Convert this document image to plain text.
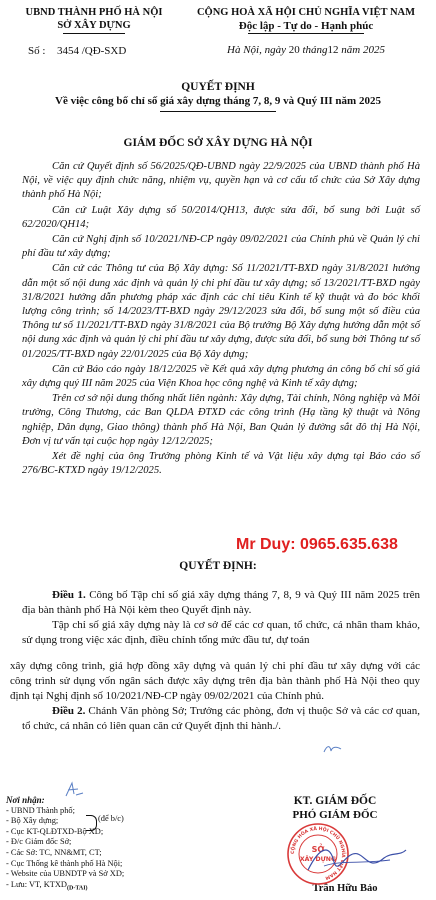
UBND THÀNH PHỐ HÀ NỘI
SỞ XÂY DỰNG
Số : 3454 /QĐ-SXD
CỘNG HOÀ XÃ HỘI CHỦ NGHĨA VIỆT NAM
Độc lập - Tự do - Hạnh phúc
Hà Nội, ngày 20 tháng12 năm 2025
QUYẾT ĐỊNH
Về việc công bố chỉ số giá xây dựng tháng 7, 8, 9 và Quý III năm 2025
GIÁM ĐỐC SỞ XÂY DỰNG HÀ NỘI

Căn cứ Quyết định số 56/2025/QĐ-UBND ngày 22/9/2025 của UBND thành phố Hà Nội, về việc quy định chức năng, nhiệm vụ, quyền hạn và cơ cấu tổ chức của Sở Xây dựng thành phố Hà Nội;

Căn cứ Luật Xây dựng số 50/2014/QH13, được sửa đổi, bổ sung bởi Luật số 62/2020/QH14;

Căn cứ Nghị định số 10/2021/NĐ-CP ngày 09/02/2021 của Chính phủ về Quản lý chi phí đầu tư xây dựng;

Căn cứ các Thông tư của Bộ Xây dựng: Số 11/2021/TT-BXD ngày 31/8/2021 hướng dẫn một số nội dung xác định và quản lý chi phí đầu tư xây dựng; số 13/2021/TT-BXD ngày 31/8/2021 hướng dẫn phương pháp xác định các chỉ tiêu Kinh tế kỹ thuật và đo bóc khối lượng công trình; số 14/2023/TT-BXD ngày 29/12/2023 sửa đổi, bổ sung một số điều của Thông tư số 11/2021/TT-BXD ngày 31/8/2021 của Bộ trưởng Bộ Xây dựng hướng dẫn một số nội dung xác định và quản lý chi phí đầu tư xây dựng, được sửa đổi, bổ sung bởi Thông tư số 01/2025/TT-BXD ngày 22/01/2025 của Bộ Xây dựng;

Căn cứ Báo cáo ngày 18/12/2025 về Kết quả xây dựng phương án công bố chỉ số giá xây dựng quý III năm 2025 của Viện Khoa học công nghệ và Kinh tế xây dựng;

Trên cơ sở nội dung thống nhất liên ngành: Xây dựng, Tài chính, Nông nghiệp và Môi trường, Công Thương, các Ban QLDA ĐTXD các công trình (Hạ tầng kỹ thuật và Nông nghiệp, Dân dụng, Giao thông) thành phố Hà Nội, Ban Quản lý đường sắt đô thị Hà Nội, Đơn vị tư vấn tại cuộc họp ngày 12/12/2025;

Xét đề nghị của ông Trưởng phòng Kinh tế và Vật liệu xây dựng tại Báo cáo số 276/BC-KTXD ngày 19/12/2025.

Mr Duy: 0965.635.638
QUYẾT ĐỊNH:

Điều 1. Công bố Tập chỉ số giá xây dựng tháng 7, 8, 9 và Quý III năm 2025 trên địa bàn thành phố Hà Nội kèm theo Quyết định này.

Tập chỉ số giá xây dựng này là cơ sở để các cơ quan, tổ chức, cá nhân tham khảo, sử dụng trong việc xác định, điều chỉnh tổng mức đầu tư, dự toán

xây dựng công trình, giá hợp đồng xây dựng và quản lý chi phí đầu tư xây dựng với các công trình sử dụng vốn ngân sách được xây dựng trên địa bàn thành phố Hà Nội theo quy định tại Nghị định số 10/2021/NĐ-CP ngày 09/02/2021 của Chính phủ.

Điều 2. Chánh Văn phòng Sở; Trưởng các phòng, đơn vị thuộc Sở và các cơ quan, tổ chức, cá nhân có liên quan căn cứ Quyết định thi hành./.

Nơi nhận:
- UBND Thành phố;
- Bộ Xây dựng;
- Cục KT-QLĐTXD-Bộ XD;
- Đ/c Giám đốc Sở;
- Các Sở: TC, NN&MT, CT;
- Cục Thống kê thành phố Hà Nội;
- Website của UBNDTP và Sở XD;
- Lưu: VT, $KTXD_{(D-TAI)}$
(để b/c)
KT. GIÁM ĐỐC
PHÓ GIÁM ĐỐC
Trần Hữu Bảo
CỘNG HÒA XÃ HỘI CHỦ NGHĨA VIỆT NAM
SỞ
XÂY DỰNG
